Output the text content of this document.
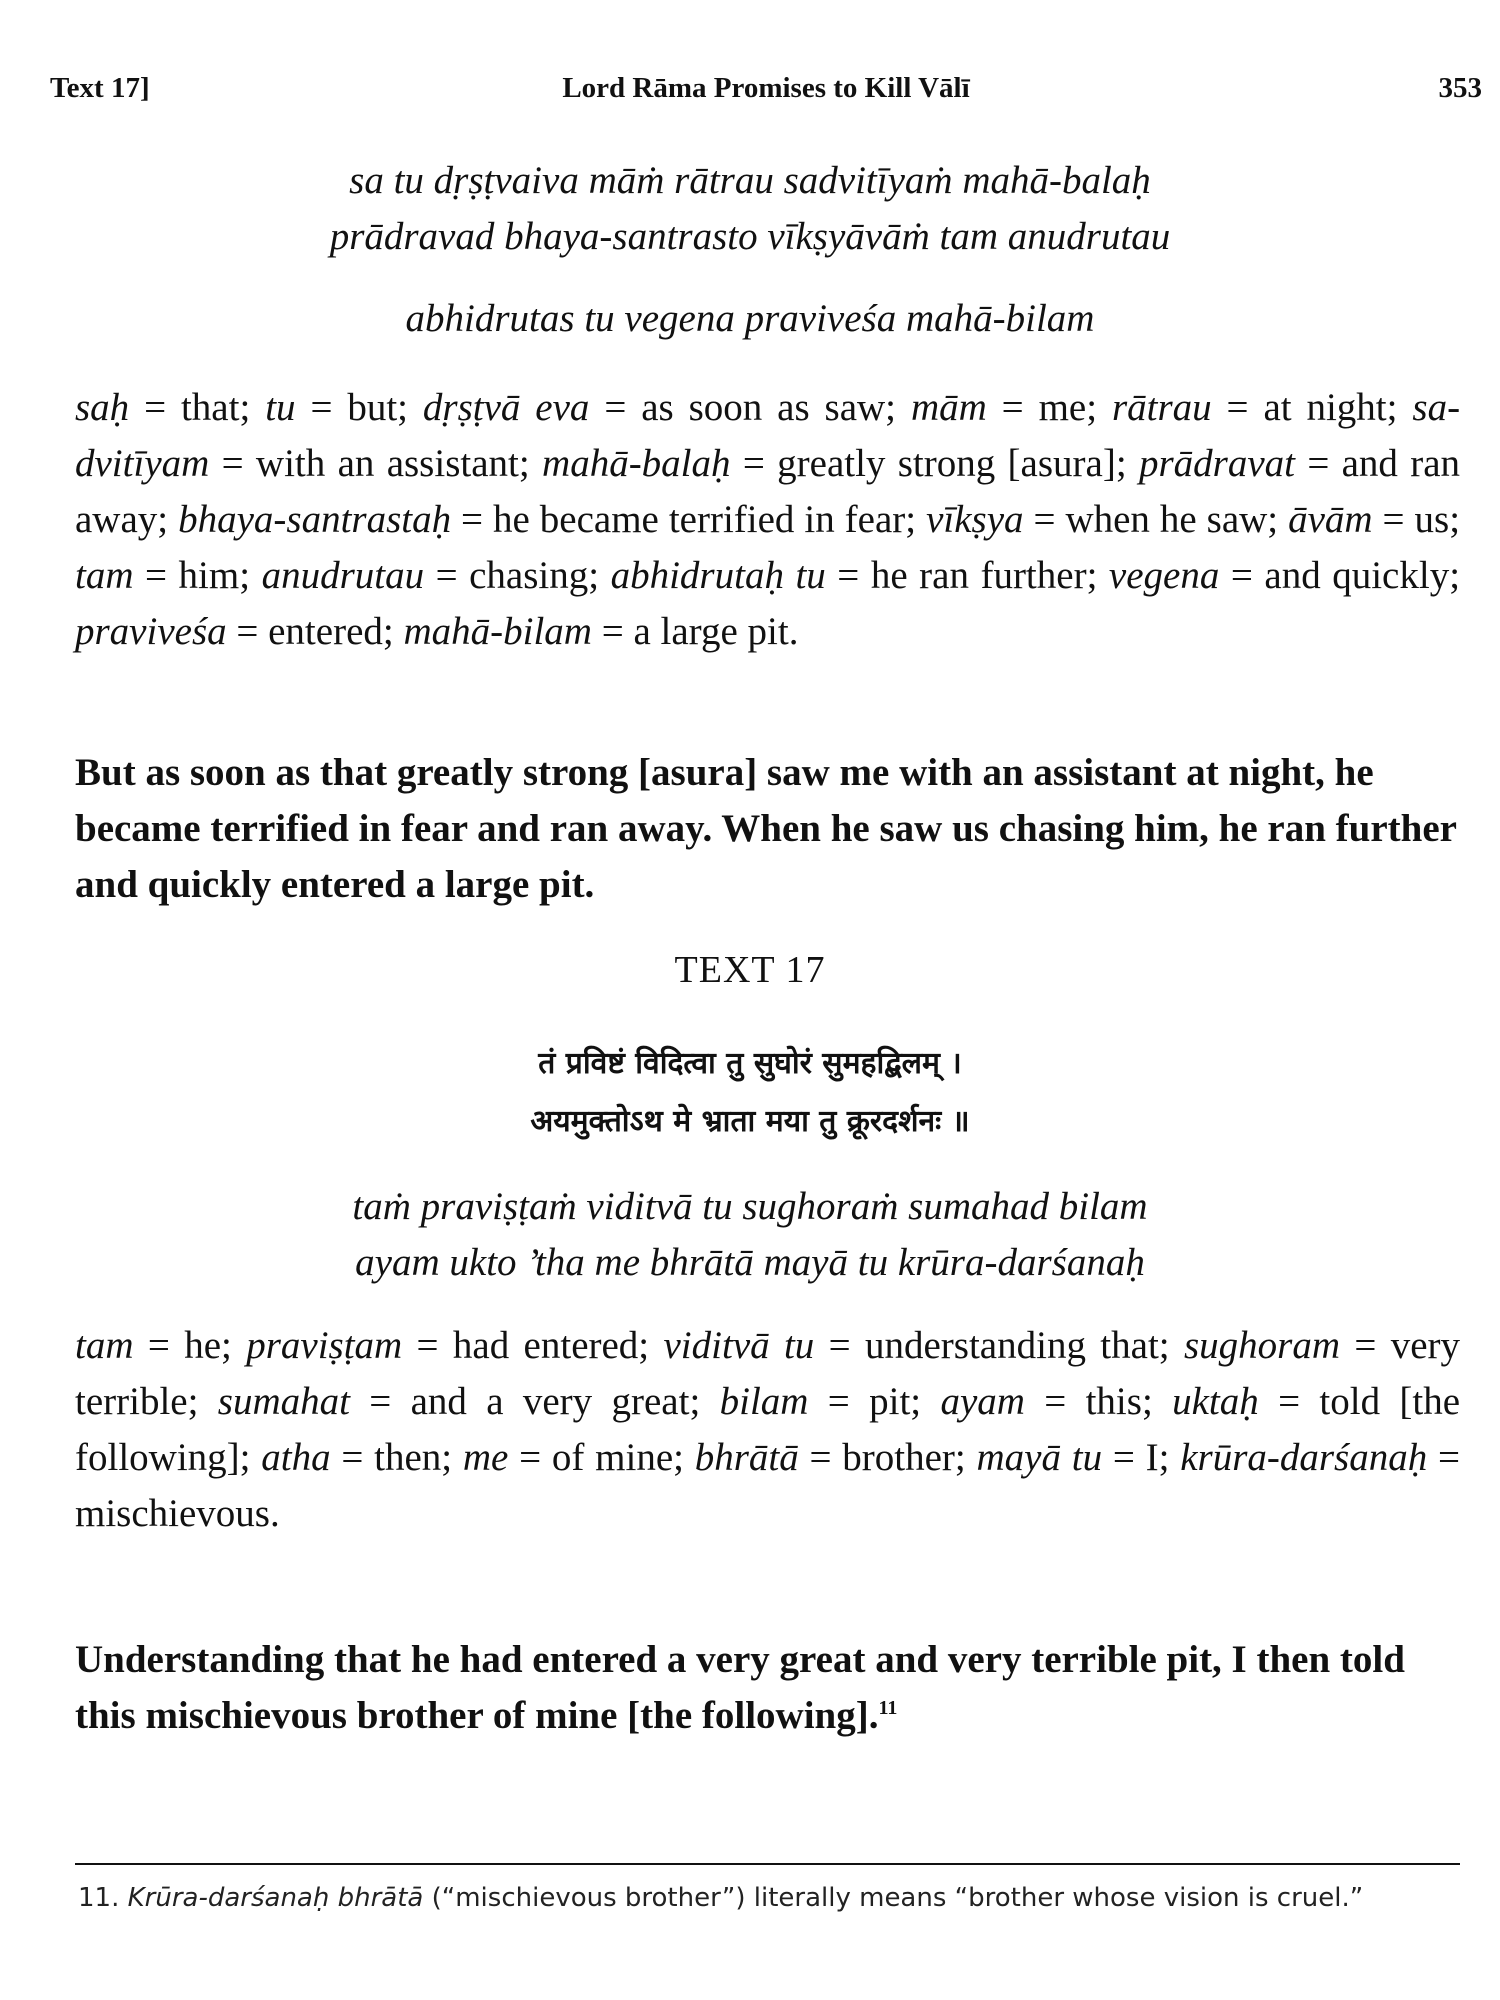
Text 17]	Lord Rāma Promises to Kill Vālī	353
sa tu dṛṣṭvaiva māṁ rātrau sadvitīyaṁ mahā-balaḥ
prādravad bhaya-santrasto vīkṣyāvāṁ tam anudrutau
abhidrutas tu vegena praviveśa mahā-bilam
saḥ = that; tu = but; dṛṣṭvā eva = as soon as saw; mām = me; rātrau = at night; sa-dvitīyam = with an assistant; mahā-balaḥ = greatly strong [asura]; prādravat = and ran away; bhaya-santrastaḥ = he became terrified in fear; vīkṣya = when he saw; āvām = us; tam = him; anudrutau = chasing; abhidrutaḥ tu = he ran further; vegena = and quickly; praviveśa = entered; mahā-bilam = a large pit.
But as soon as that greatly strong [asura] saw me with an assistant at night, he became terrified in fear and ran away. When he saw us chasing him, he ran further and quickly entered a large pit.
TEXT 17
तं प्रविष्टं विदित्वा तु सुघोरं सुमहद्बिलम् ।
अयमुक्तोऽथ मे भ्राता मया तु क्रूरदर्शनः ॥
taṁ praviṣṭaṁ viditvā tu sughoraṁ sumahad bilam
ayam ukto ’tha me bhrātā mayā tu krūra-darśanaḥ
tam = he; praviṣṭam = had entered; viditvā tu = understanding that; sughoram = very terrible; sumahat = and a very great; bilam = pit; ayam = this; uktaḥ = told [the following]; atha = then; me = of mine; bhrātā = brother; mayā tu = I; krūra-darśanaḥ = mischievous.
Understanding that he had entered a very great and very terrible pit, I then told this mischievous brother of mine [the following].$^{11}$
11. Krūra-darśanaḥ bhrātā (“mischievous brother”) literally means “brother whose vision is cruel.”
